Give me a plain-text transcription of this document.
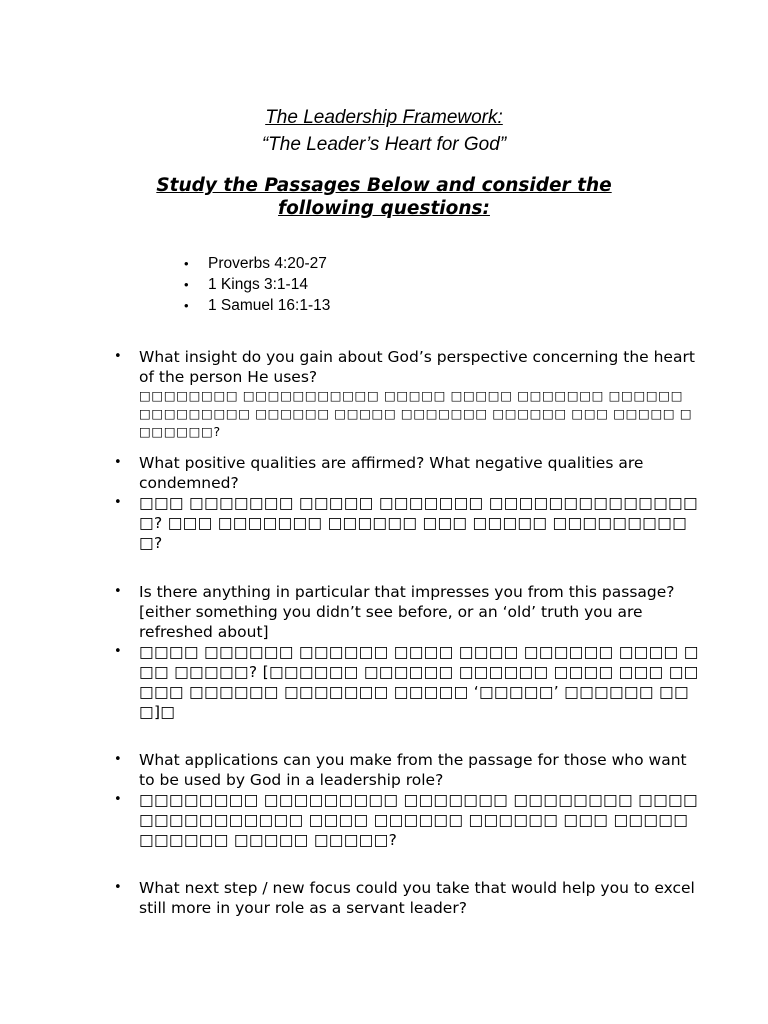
The Leadership Framework:
“The Leader’s Heart for God”
Study the Passages Below and consider the following questions:
• Proverbs 4:20-27
• 1 Kings 3:1-14
• 1 Samuel 16:1-13
• What insight do you gain about God’s perspective concerning the heart of the person He uses?
□□□□□□□□ □□□□□□□□□□□ □□□□□ □□□□□ □□□□□□□ □□□□□□ □□□□□□□□□ □□□□□□ □□□□□ □□□□□□□ □□□□□□ □□□ □□□□□ □□□□□□□?
• What positive qualities are affirmed? What negative qualities are condemned?
• □□□ □□□□□□□ □□□□□ □□□□□□□ □□□□□□□□□□□□□□□? □□□ □□□□□□□ □□□□□□ □□□ □□□□□ □□□□□□□□□□?
• Is there anything in particular that impresses you from this passage? [either something you didn’t see before, or an ‘old’ truth you are refreshed about]
• □□□□ □□□□□□ □□□□□□ □□□□ □□□□ □□□□□□ □□□□ □□□ □□□□□? [□□□□□□ □□□□□□ □□□□□□ □□□□ □□□ □□□□□ □□□□□□ □□□□□□□ □□□□□ ‘□□□□□’ □□□□□□ □□□]□
• What applications can you make from the passage for those who want to be used by God in a leadership role?
• □□□□□□□□ □□□□□□□□□ □□□□□□□ □□□□□□□□ □□□□□□□□□□□□□□□ □□□□ □□□□□□ □□□□□□ □□□ □□□□□□□□□□□ □□□□□ □□□□□?
• What next step / new focus could you take that would help you to excel still more in your role as a servant leader?
